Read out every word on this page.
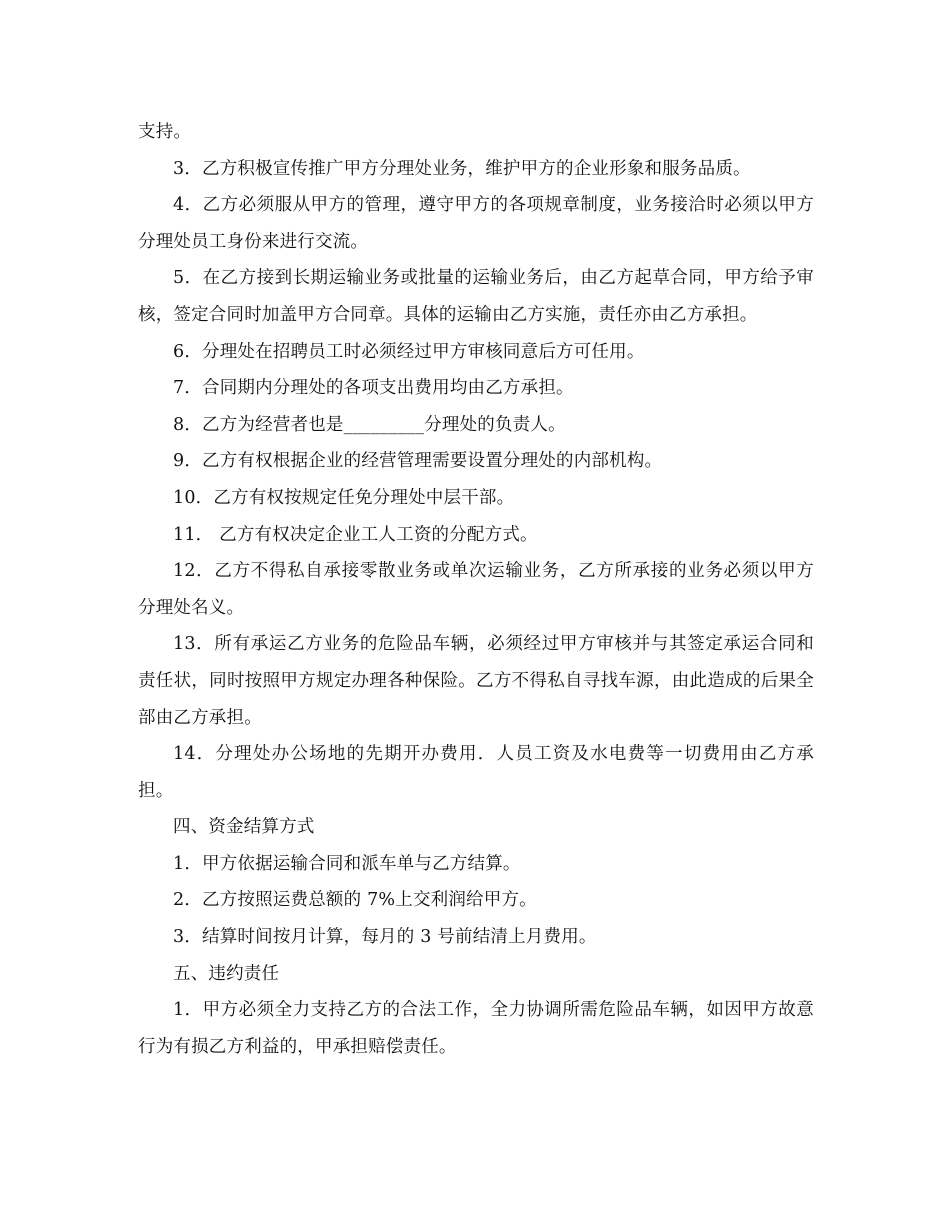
支持。

3．乙方积极宣传推广甲方分理处业务，维护甲方的企业形象和服务品质。

4．乙方必须服从甲方的管理，遵守甲方的各项规章制度，业务接洽时必须以甲方分理处员工身份来进行交流。

5．在乙方接到长期运输业务或批量的运输业务后，由乙方起草合同，甲方给予审核，签定合同时加盖甲方合同章。具体的运输由乙方实施，责任亦由乙方承担。

6．分理处在招聘员工时必须经过甲方审核同意后方可任用。

7．合同期内分理处的各项支出费用均由乙方承担。

8．乙方为经营者也是_________分理处的负责人。

9．乙方有权根据企业的经营管理需要设置分理处的内部机构。

10．乙方有权按规定任免分理处中层干部。

11． 乙方有权决定企业工人工资的分配方式。

12．乙方不得私自承接零散业务或单次运输业务，乙方所承接的业务必须以甲方分理处名义。

13．所有承运乙方业务的危险品车辆，必须经过甲方审核并与其签定承运合同和责任状，同时按照甲方规定办理各种保险。乙方不得私自寻找车源，由此造成的后果全部由乙方承担。

14．分理处办公场地的先期开办费用．人员工资及水电费等一切费用由乙方承担。

四、资金结算方式

1．甲方依据运输合同和派车单与乙方结算。

2．乙方按照运费总额的 7%上交利润给甲方。

3．结算时间按月计算，每月的 3 号前结清上月费用。

五、违约责任

1．甲方必须全力支持乙方的合法工作，全力协调所需危险品车辆，如因甲方故意行为有损乙方利益的，甲承担赔偿责任。
